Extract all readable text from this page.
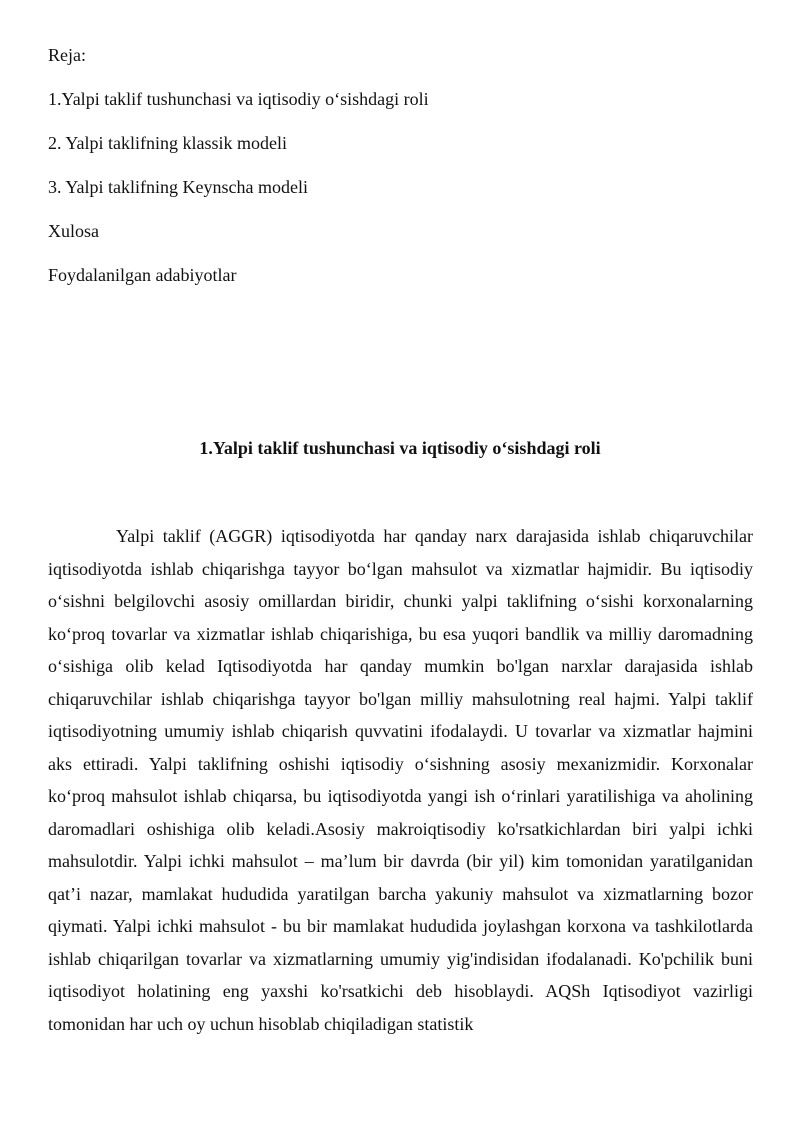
Reja:
1.Yalpi taklif tushunchasi va iqtisodiy o‘sishdagi roli
2. Yalpi taklifning klassik modeli
3. Yalpi taklifning Keynscha modeli
Xulosa
Foydalanilgan adabiyotlar
1.Yalpi taklif tushunchasi va iqtisodiy o‘sishdagi roli

Yalpi taklif (AGGR) iqtisodiyotda har qanday narx darajasida ishlab chiqaruvchilar iqtisodiyotda ishlab chiqarishga tayyor bo‘lgan mahsulot va xizmatlar hajmidir. Bu iqtisodiy o‘sishni belgilovchi asosiy omillardan biridir, chunki yalpi taklifning o‘sishi korxonalarning ko‘proq tovarlar va xizmatlar ishlab chiqarishiga, bu esa yuqori bandlik va milliy daromadning o‘sishiga olib kelad Iqtisodiyotda har qanday mumkin bo'lgan narxlar darajasida ishlab chiqaruvchilar ishlab chiqarishga tayyor bo'lgan milliy mahsulotning real hajmi. Yalpi taklif iqtisodiyotning umumiy ishlab chiqarish quvvatini ifodalaydi. U tovarlar va xizmatlar hajmini aks ettiradi. Yalpi taklifning oshishi iqtisodiy o‘sishning asosiy mexanizmidir. Korxonalar ko‘proq mahsulot ishlab chiqarsa, bu iqtisodiyotda yangi ish o‘rinlari yaratilishiga va aholining daromadlari oshishiga olib keladi.Asosiy makroiqtisodiy ko'rsatkichlardan biri yalpi ichki mahsulotdir. Yalpi ichki mahsulot – ma’lum bir davrda (bir yil) kim tomonidan yaratilganidan qat’i nazar, mamlakat hududida yaratilgan barcha yakuniy mahsulot va xizmatlarning bozor qiymati. Yalpi ichki mahsulot - bu bir mamlakat hududida joylashgan korxona va tashkilotlarda ishlab chiqarilgan tovarlar va xizmatlarning umumiy yig'indisidan ifodalanadi. Ko'pchilik buni iqtisodiyot holatining eng yaxshi ko'rsatkichi deb hisoblaydi. AQSh Iqtisodiyot vazirligi tomonidan har uch oy uchun hisoblab chiqiladigan statistik
